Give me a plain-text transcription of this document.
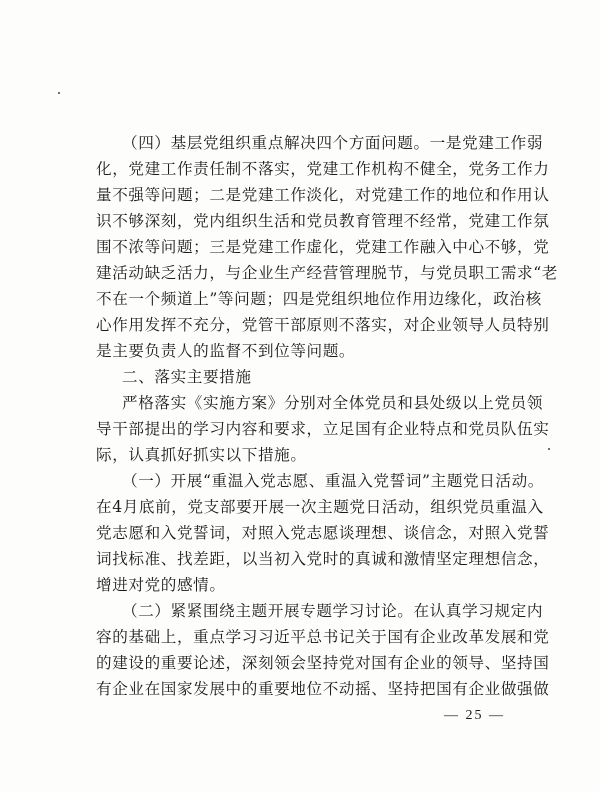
（四）基层党组织重点解决四个方面问题。一是党建工作弱
化，党建工作责任制不落实，党建工作机构不健全，党务工作力
量不强等问题；二是党建工作淡化，对党建工作的地位和作用认
识不够深刻，党内组织生活和党员教育管理不经常，党建工作氛
围不浓等问题；三是党建工作虚化，党建工作融入中心不够，党
建活动缺乏活力，与企业生产经营管理脱节，与党员职工需求“老
不在一个频道上”等问题；四是党组织地位作用边缘化，政治核
心作用发挥不充分，党管干部原则不落实，对企业领导人员特别
是主要负责人的监督不到位等问题。
二、落实主要措施
严格落实《实施方案》分别对全体党员和县处级以上党员领
导干部提出的学习内容和要求，立足国有企业特点和党员队伍实
际，认真抓好抓实以下措施。
（一）开展“重温入党志愿、重温入党誓词”主题党日活动。
在4月底前，党支部要开展一次主题党日活动，组织党员重温入
党志愿和入党誓词，对照入党志愿谈理想、谈信念，对照入党誓
词找标准、找差距，以当初入党时的真诚和激情坚定理想信念，
增进对党的感情。
（二）紧紧围绕主题开展专题学习讨论。在认真学习规定内
容的基础上，重点学习习近平总书记关于国有企业改革发展和党
的建设的重要论述，深刻领会坚持党对国有企业的领导、坚持国
有企业在国家发展中的重要地位不动摇、坚持把国有企业做强做
— 25 —
